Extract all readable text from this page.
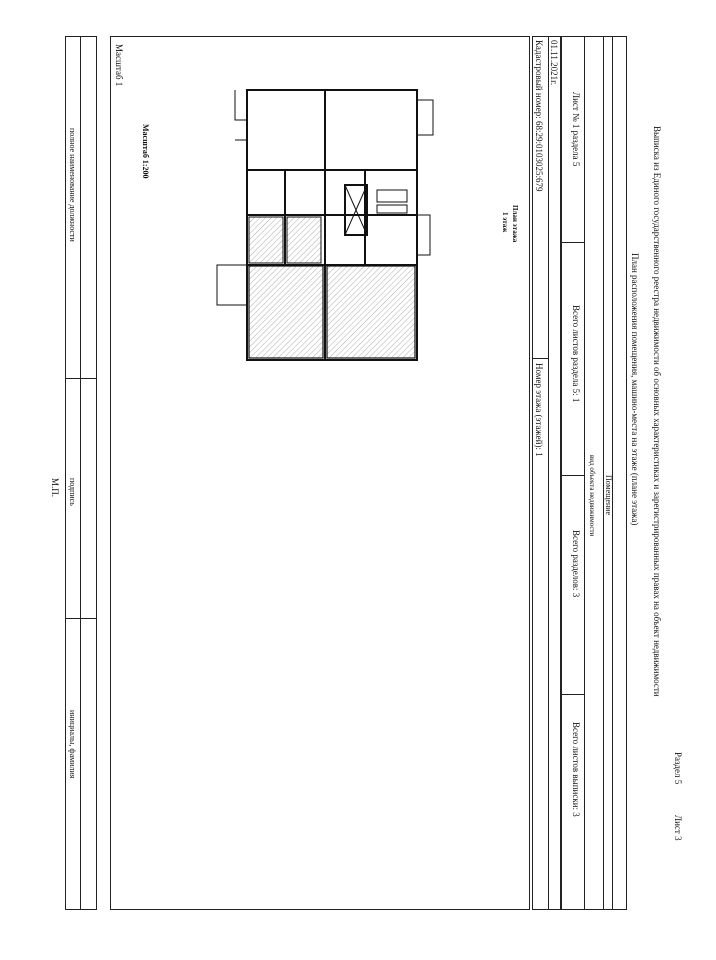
Раздел 5
Лист 3
Выписка из Единого государственного реестра недвижимости об основных характеристиках и зарегистрированных правах на объект недвижимости
План расположения помещения, машино-места на этаже (плане этажа)
Помещение
вид объекта недвижимости
Лист № 1 раздела 5
Всего листов раздела 5: 1
Всего разделов: 3
Всего листов выписки: 3
01.11.2021г.
Кадастровый номер: 68:29:0103025:679
Номер этажа (этажей): 1
План этажа
1 этаж
Масштаб 1:200
Масштаб 1
полное наименование должности
подпись
инициалы, фамилия
М.П.
